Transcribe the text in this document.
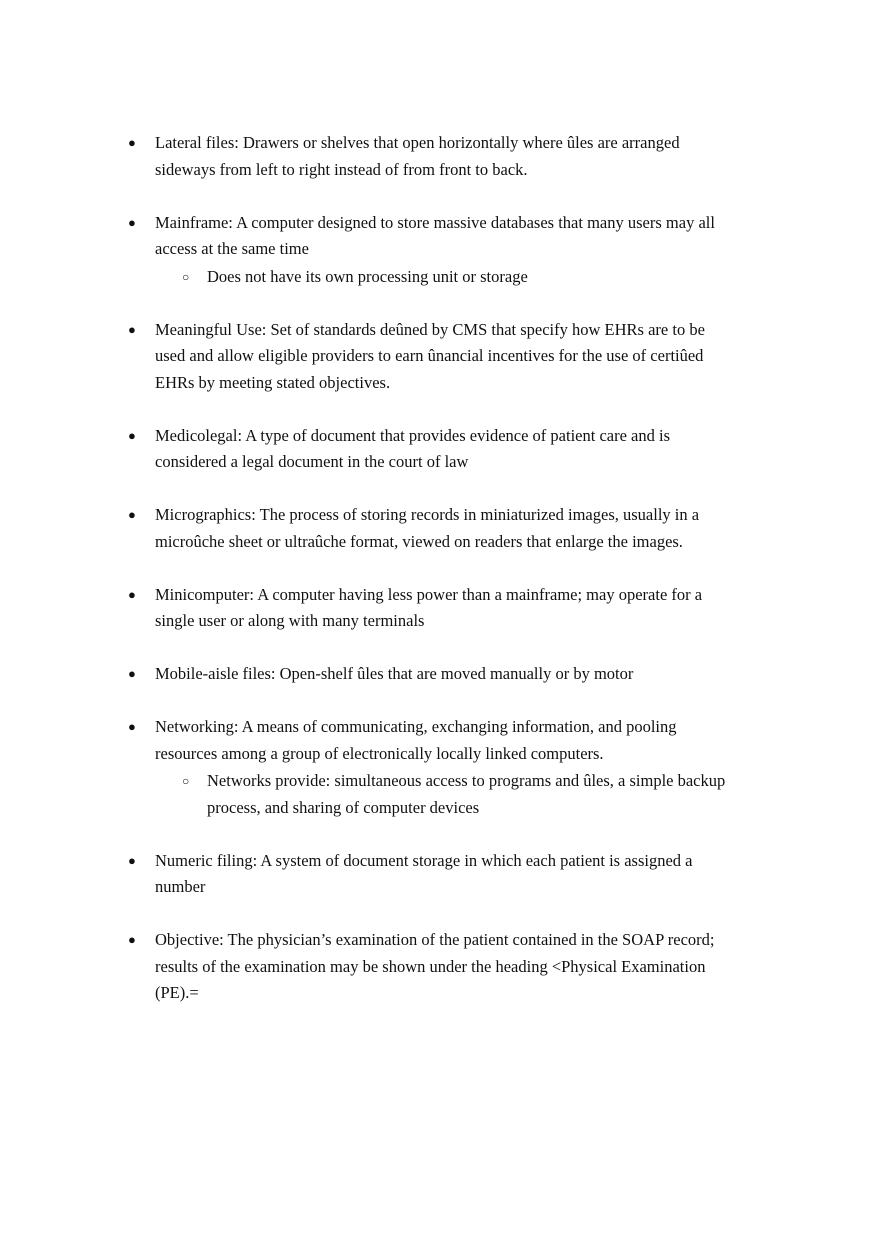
● Lateral files: Drawers or shelves that open horizontally where ûles are arranged sideways from left to right instead of from front to back.
● Mainframe: A computer designed to store massive databases that many users may all access at the same time
○ Does not have its own processing unit or storage
● Meaningful Use: Set of standards deûned by CMS that specify how EHRs are to be used and allow eligible providers to earn ûnancial incentives for the use of certiûed EHRs by meeting stated objectives.
● Medicolegal: A type of document that provides evidence of patient care and is considered a legal document in the court of law
● Micrographics: The process of storing records in miniaturized images, usually in a microûche sheet or ultraûche format, viewed on readers that enlarge the images.
● Minicomputer: A computer having less power than a mainframe; may operate for a single user or along with many terminals
● Mobile-aisle files: Open-shelf ûles that are moved manually or by motor
● Networking: A means of communicating, exchanging information, and pooling resources among a group of electronically locally linked computers.
○ Networks provide: simultaneous access to programs and ûles, a simple backup process, and sharing of computer devices
● Numeric filing: A system of document storage in which each patient is assigned a number
● Objective: The physician’s examination of the patient contained in the SOAP record; results of the examination may be shown under the heading <Physical Examination (PE).=
